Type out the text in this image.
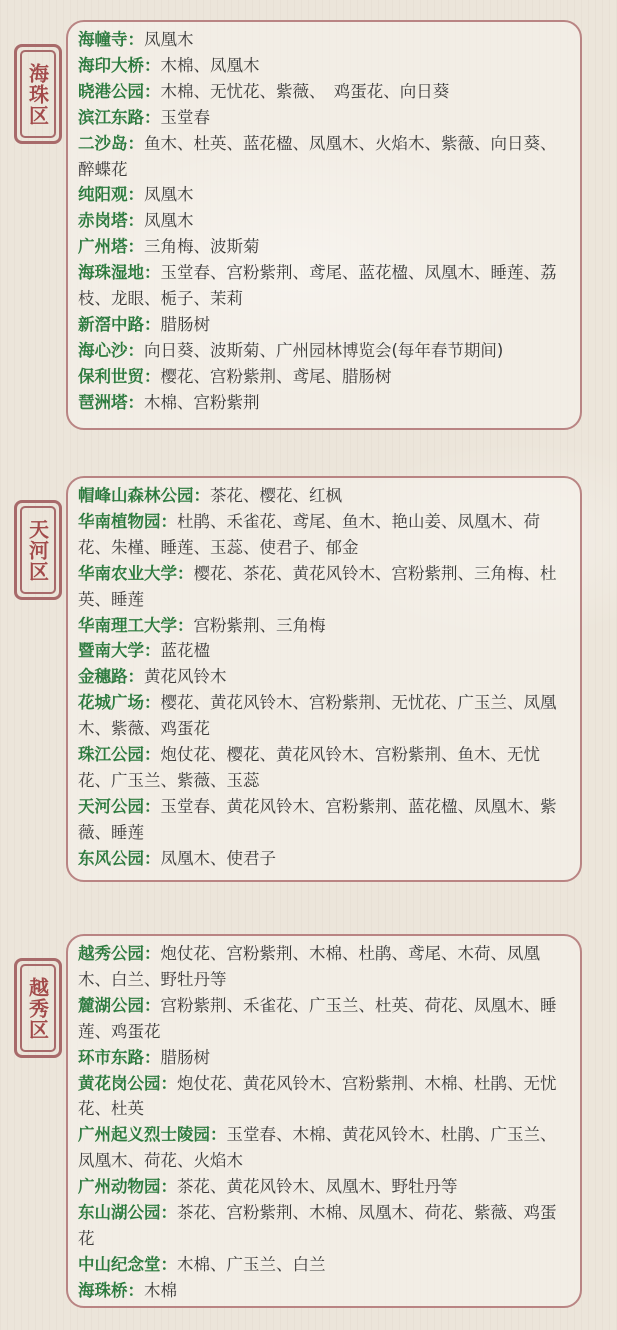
海珠区

海幢寺：凤凰木

海印大桥：木棉、凤凰木

晓港公园：木棉、无忧花、紫薇、　鸡蛋花、向日葵

滨江东路：玉堂春

二沙岛：鱼木、杜英、蓝花楹、凤凰木、火焰木、紫薇、向日葵、醉蝶花

纯阳观：凤凰木

赤岗塔：凤凰木

广州塔：三角梅、波斯菊

海珠湿地：玉堂春、宫粉紫荆、鸢尾、蓝花楹、凤凰木、睡莲、荔枝、龙眼、栀子、茉莉

新滘中路：腊肠树

海心沙：向日葵、波斯菊、广州园林博览会(每年春节期间)

保利世贸：樱花、宫粉紫荆、鸢尾、腊肠树

琶洲塔：木棉、宫粉紫荆

天河区

帽峰山森林公园：茶花、樱花、红枫

华南植物园：杜鹃、禾雀花、鸢尾、鱼木、艳山姜、凤凰木、荷花、朱槿、睡莲、玉蕊、使君子、郁金

华南农业大学：樱花、茶花、黄花风铃木、宫粉紫荆、三角梅、杜英、睡莲

华南理工大学：宫粉紫荆、三角梅

暨南大学：蓝花楹

金穗路：黄花风铃木

花城广场：樱花、黄花风铃木、宫粉紫荆、无忧花、广玉兰、凤凰木、紫薇、鸡蛋花

珠江公园：炮仗花、樱花、黄花风铃木、宫粉紫荆、鱼木、无忧花、广玉兰、紫薇、玉蕊

天河公园：玉堂春、黄花风铃木、宫粉紫荆、蓝花楹、凤凰木、紫薇、睡莲

东风公园：凤凰木、使君子

越秀区

越秀公园：炮仗花、宫粉紫荆、木棉、杜鹃、鸢尾、木荷、凤凰木、白兰、野牡丹等

麓湖公园：宫粉紫荆、禾雀花、广玉兰、杜英、荷花、凤凰木、睡莲、鸡蛋花

环市东路：腊肠树

黄花岗公园：炮仗花、黄花风铃木、宫粉紫荆、木棉、杜鹃、无忧花、杜英

广州起义烈士陵园：玉堂春、木棉、黄花风铃木、杜鹃、广玉兰、凤凰木、荷花、火焰木

广州动物园：茶花、黄花风铃木、凤凰木、野牡丹等

东山湖公园：茶花、宫粉紫荆、木棉、凤凰木、荷花、紫薇、鸡蛋花

中山纪念堂：木棉、广玉兰、白兰

海珠桥：木棉
